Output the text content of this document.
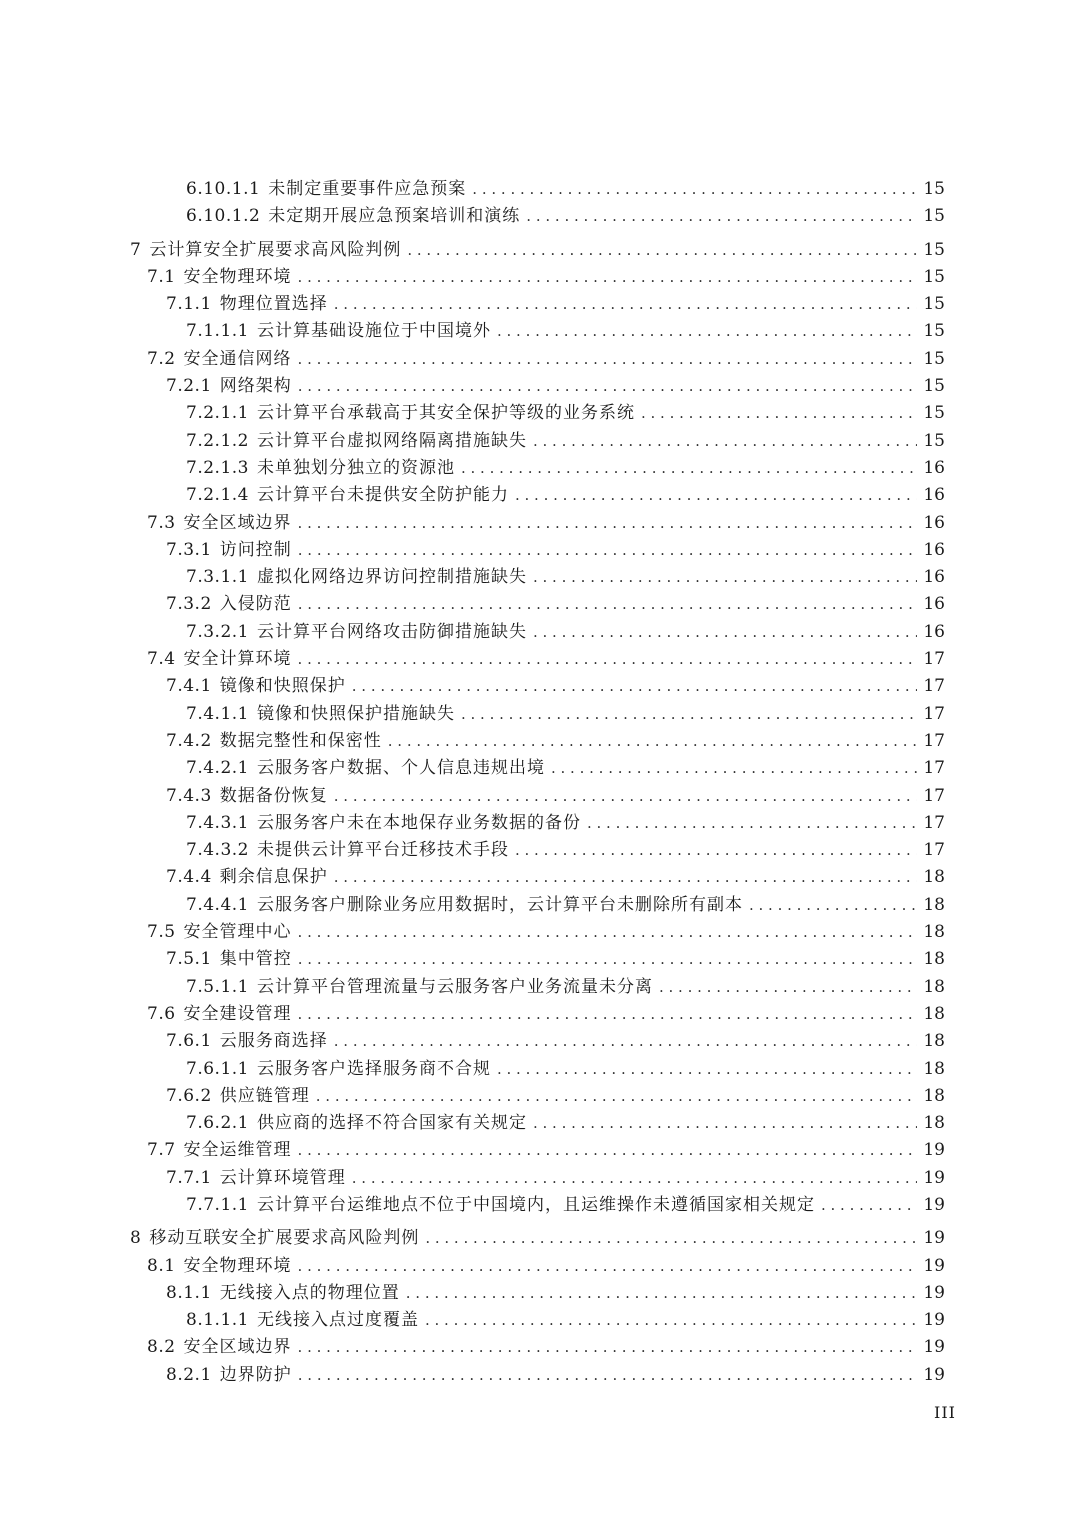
6.10.1.1 未制定重要事件应急预案 . . .	15
6.10.1.2 未定期开展应急预案培训和演练 . . .	15
7 云计算安全扩展要求高风险判例 . . .	15
7.1 安全物理环境 . . .	15
7.1.1 物理位置选择 . . .	15
7.1.1.1 云计算基础设施位于中国境外 . . .	15
7.2 安全通信网络 . . .	15
7.2.1 网络架构 . . .	15
7.2.1.1 云计算平台承载高于其安全保护等级的业务系统 . . .	15
7.2.1.2 云计算平台虚拟网络隔离措施缺失 . . .	15
7.2.1.3 未单独划分独立的资源池 . . .	16
7.2.1.4 云计算平台未提供安全防护能力 . . .	16
7.3 安全区域边界 . . .	16
7.3.1 访问控制 . . .	16
7.3.1.1 虚拟化网络边界访问控制措施缺失 . . .	16
7.3.2 入侵防范 . . .	16
7.3.2.1 云计算平台网络攻击防御措施缺失 . . .	16
7.4 安全计算环境 . . .	17
7.4.1 镜像和快照保护 . . .	17
7.4.1.1 镜像和快照保护措施缺失 . . .	17
7.4.2 数据完整性和保密性 . . .	17
7.4.2.1 云服务客户数据、个人信息违规出境 . . .	17
7.4.3 数据备份恢复 . . .	17
7.4.3.1 云服务客户未在本地保存业务数据的备份 . . .	17
7.4.3.2 未提供云计算平台迁移技术手段 . . .	17
7.4.4 剩余信息保护 . . .	18
7.4.4.1 云服务客户删除业务应用数据时，云计算平台未删除所有副本 . . .	18
7.5 安全管理中心 . . .	18
7.5.1 集中管控 . . .	18
7.5.1.1 云计算平台管理流量与云服务客户业务流量未分离 . . .	18
7.6 安全建设管理 . . .	18
7.6.1 云服务商选择 . . .	18
7.6.1.1 云服务客户选择服务商不合规 . . .	18
7.6.2 供应链管理 . . .	18
7.6.2.1 供应商的选择不符合国家有关规定 . . .	18
7.7 安全运维管理 . . .	19
7.7.1 云计算环境管理 . . .	19
7.7.1.1 云计算平台运维地点不位于中国境内，且运维操作未遵循国家相关规定 . . .	19
8 移动互联安全扩展要求高风险判例 . . .	19
8.1 安全物理环境 . . .	19
8.1.1 无线接入点的物理位置 . . .	19
8.1.1.1 无线接入点过度覆盖 . . .	19
8.2 安全区域边界 . . .	19
8.2.1 边界防护 . . .	19
III
